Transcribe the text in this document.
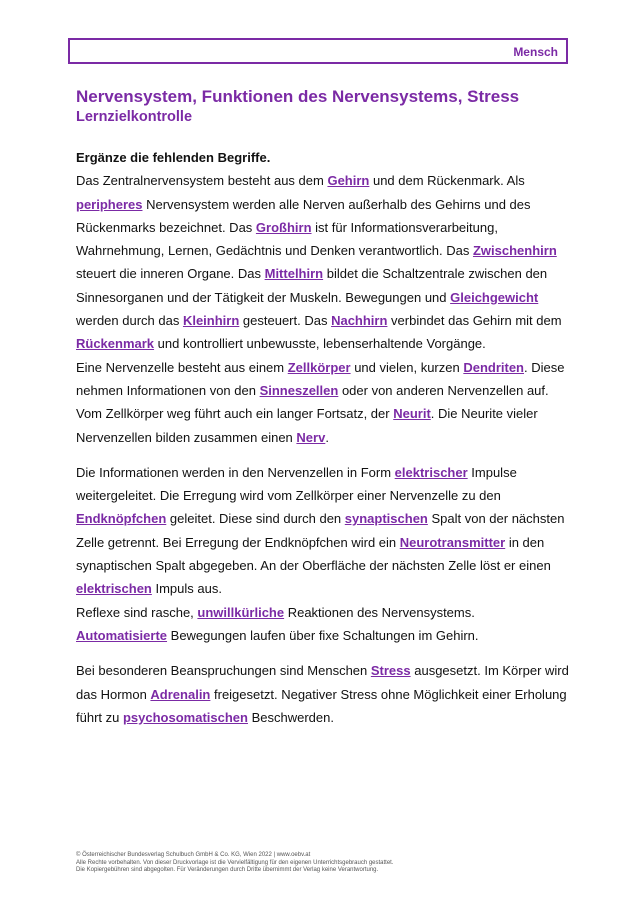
Mensch
Nervensystem, Funktionen des Nervensystems, Stress
Lernzielkontrolle
Ergänze die fehlenden Begriffe.

Das Zentralnervensystem besteht aus dem Gehirn und dem Rückenmark. Als peripheres Nervensystem werden alle Nerven außerhalb des Gehirns und des Rückenmarks bezeichnet. Das Großhirn ist für Informationsverarbeitung, Wahrnehmung, Lernen, Gedächtnis und Denken verantwortlich. Das Zwischenhirn steuert die inneren Organe. Das Mittelhirn bildet die Schaltzentrale zwischen den Sinnesorganen und der Tätigkeit der Muskeln. Bewegungen und Gleichgewicht werden durch das Kleinhirn gesteuert. Das Nachhirn verbindet das Gehirn mit dem Rückenmark und kontrolliert unbewusste, lebenserhaltende Vorgänge.

Eine Nervenzelle besteht aus einem Zellkörper und vielen, kurzen Dendriten. Diese nehmen Informationen von den Sinneszellen oder von anderen Nervenzellen auf. Vom Zellkörper weg führt auch ein langer Fortsatz, der Neurit. Die Neurite vieler Nervenzellen bilden zusammen einen Nerv.

Die Informationen werden in den Nervenzellen in Form elektrischer Impulse weitergeleitet. Die Erregung wird vom Zellkörper einer Nervenzelle zu den Endknöpfchen geleitet. Diese sind durch den synaptischen Spalt von der nächsten Zelle getrennt. Bei Erregung der Endknöpfchen wird ein Neurotransmitter in den synaptischen Spalt abgegeben. An der Oberfläche der nächsten Zelle löst er einen elektrischen Impuls aus.

Reflexe sind rasche, unwillkürliche Reaktionen des Nervensystems.

Automatisierte Bewegungen laufen über fixe Schaltungen im Gehirn.

Bei besonderen Beanspruchungen sind Menschen Stress ausgesetzt. Im Körper wird das Hormon Adrenalin freigesetzt. Negativer Stress ohne Möglichkeit einer Erholung führt zu psychosomatischen Beschwerden.

© Österreichischer Bundesverlag Schulbuch GmbH & Co. KG, Wien 2022 | www.oebv.at
Alle Rechte vorbehalten. Von dieser Druckvorlage ist die Vervielfältigung für den eigenen Unterrichtsgebrauch gestattet.
Die Kopiergebühren sind abgegolten. Für Veränderungen durch Dritte übernimmt der Verlag keine Verantwortung.
